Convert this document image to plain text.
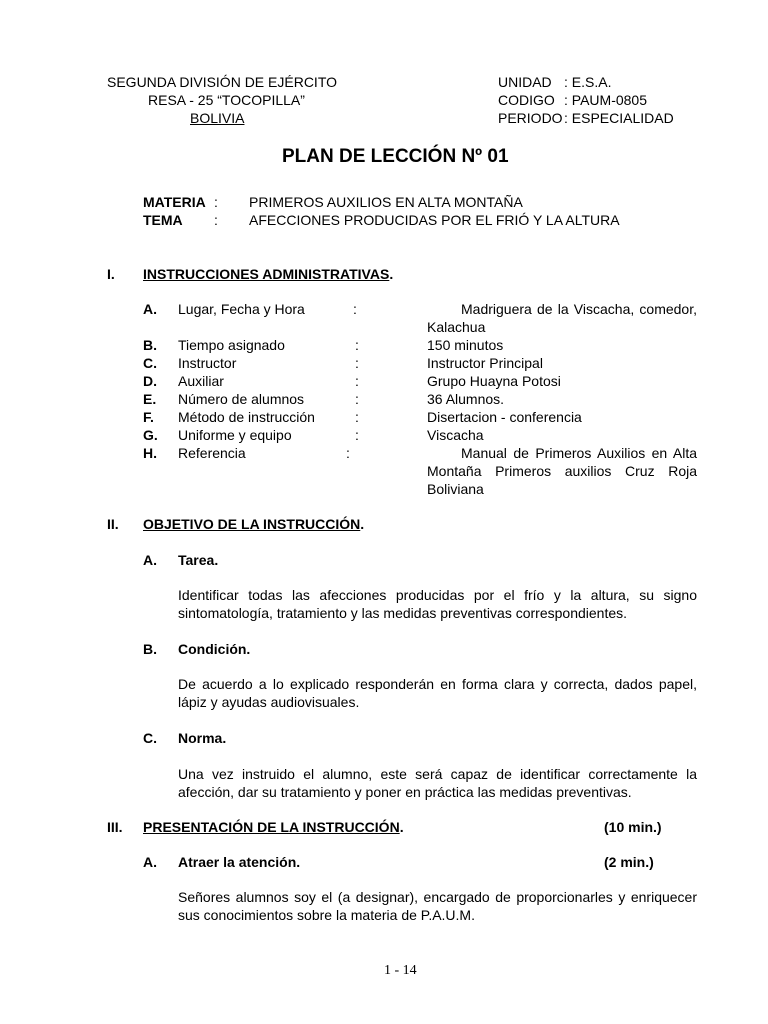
SEGUNDA DIVISIÓN DE EJÉRCITO
RESA - 25 “TOCOPILLA”
BOLIVIA
UNIDAD : E.S.A.
CODIGO : PAUM-0805
PERIODO : ESPECIALIDAD
PLAN DE LECCIÓN Nº 01
MATERIA : PRIMEROS AUXILIOS EN ALTA MONTAÑA
TEMA : AFECCIONES PRODUCIDAS POR EL FRIÓ Y LA ALTURA
I. INSTRUCCIONES ADMINISTRATIVAS.
A. Lugar, Fecha y Hora	:	Madriguera de la Viscacha, comedor, Kalachua
B. Tiempo asignado	:	150 minutos
C. Instructor	:	Instructor Principal
D. Auxiliar	:	Grupo Huayna Potosi
E. Número de alumnos	:	36 Alumnos.
F. Método de instrucción	:	Disertacion - conferencia
G. Uniforme y equipo	:	Viscacha
H. Referencia	:	Manual de Primeros Auxilios en Alta Montaña Primeros auxilios Cruz Roja Boliviana
II. OBJETIVO DE LA INSTRUCCIÓN.
A. Tarea.
Identificar todas las afecciones producidas por el frío y la altura, su signo sintomatología, tratamiento y las medidas preventivas correspondientes.
B. Condición.
De acuerdo a lo explicado responderán en forma clara y correcta, dados papel, lápiz y ayudas audiovisuales.
C. Norma.
Una vez instruido el alumno, este será capaz de identificar correctamente la afección, dar su tratamiento y poner en práctica las medidas preventivas.
III. PRESENTACIÓN DE LA INSTRUCCIÓN.	(10 min.)
A. Atraer la atención.	(2 min.)
Señores alumnos soy el (a designar), encargado de proporcionarles y enriquecer sus conocimientos sobre la materia de P.A.U.M.
1 - 14
